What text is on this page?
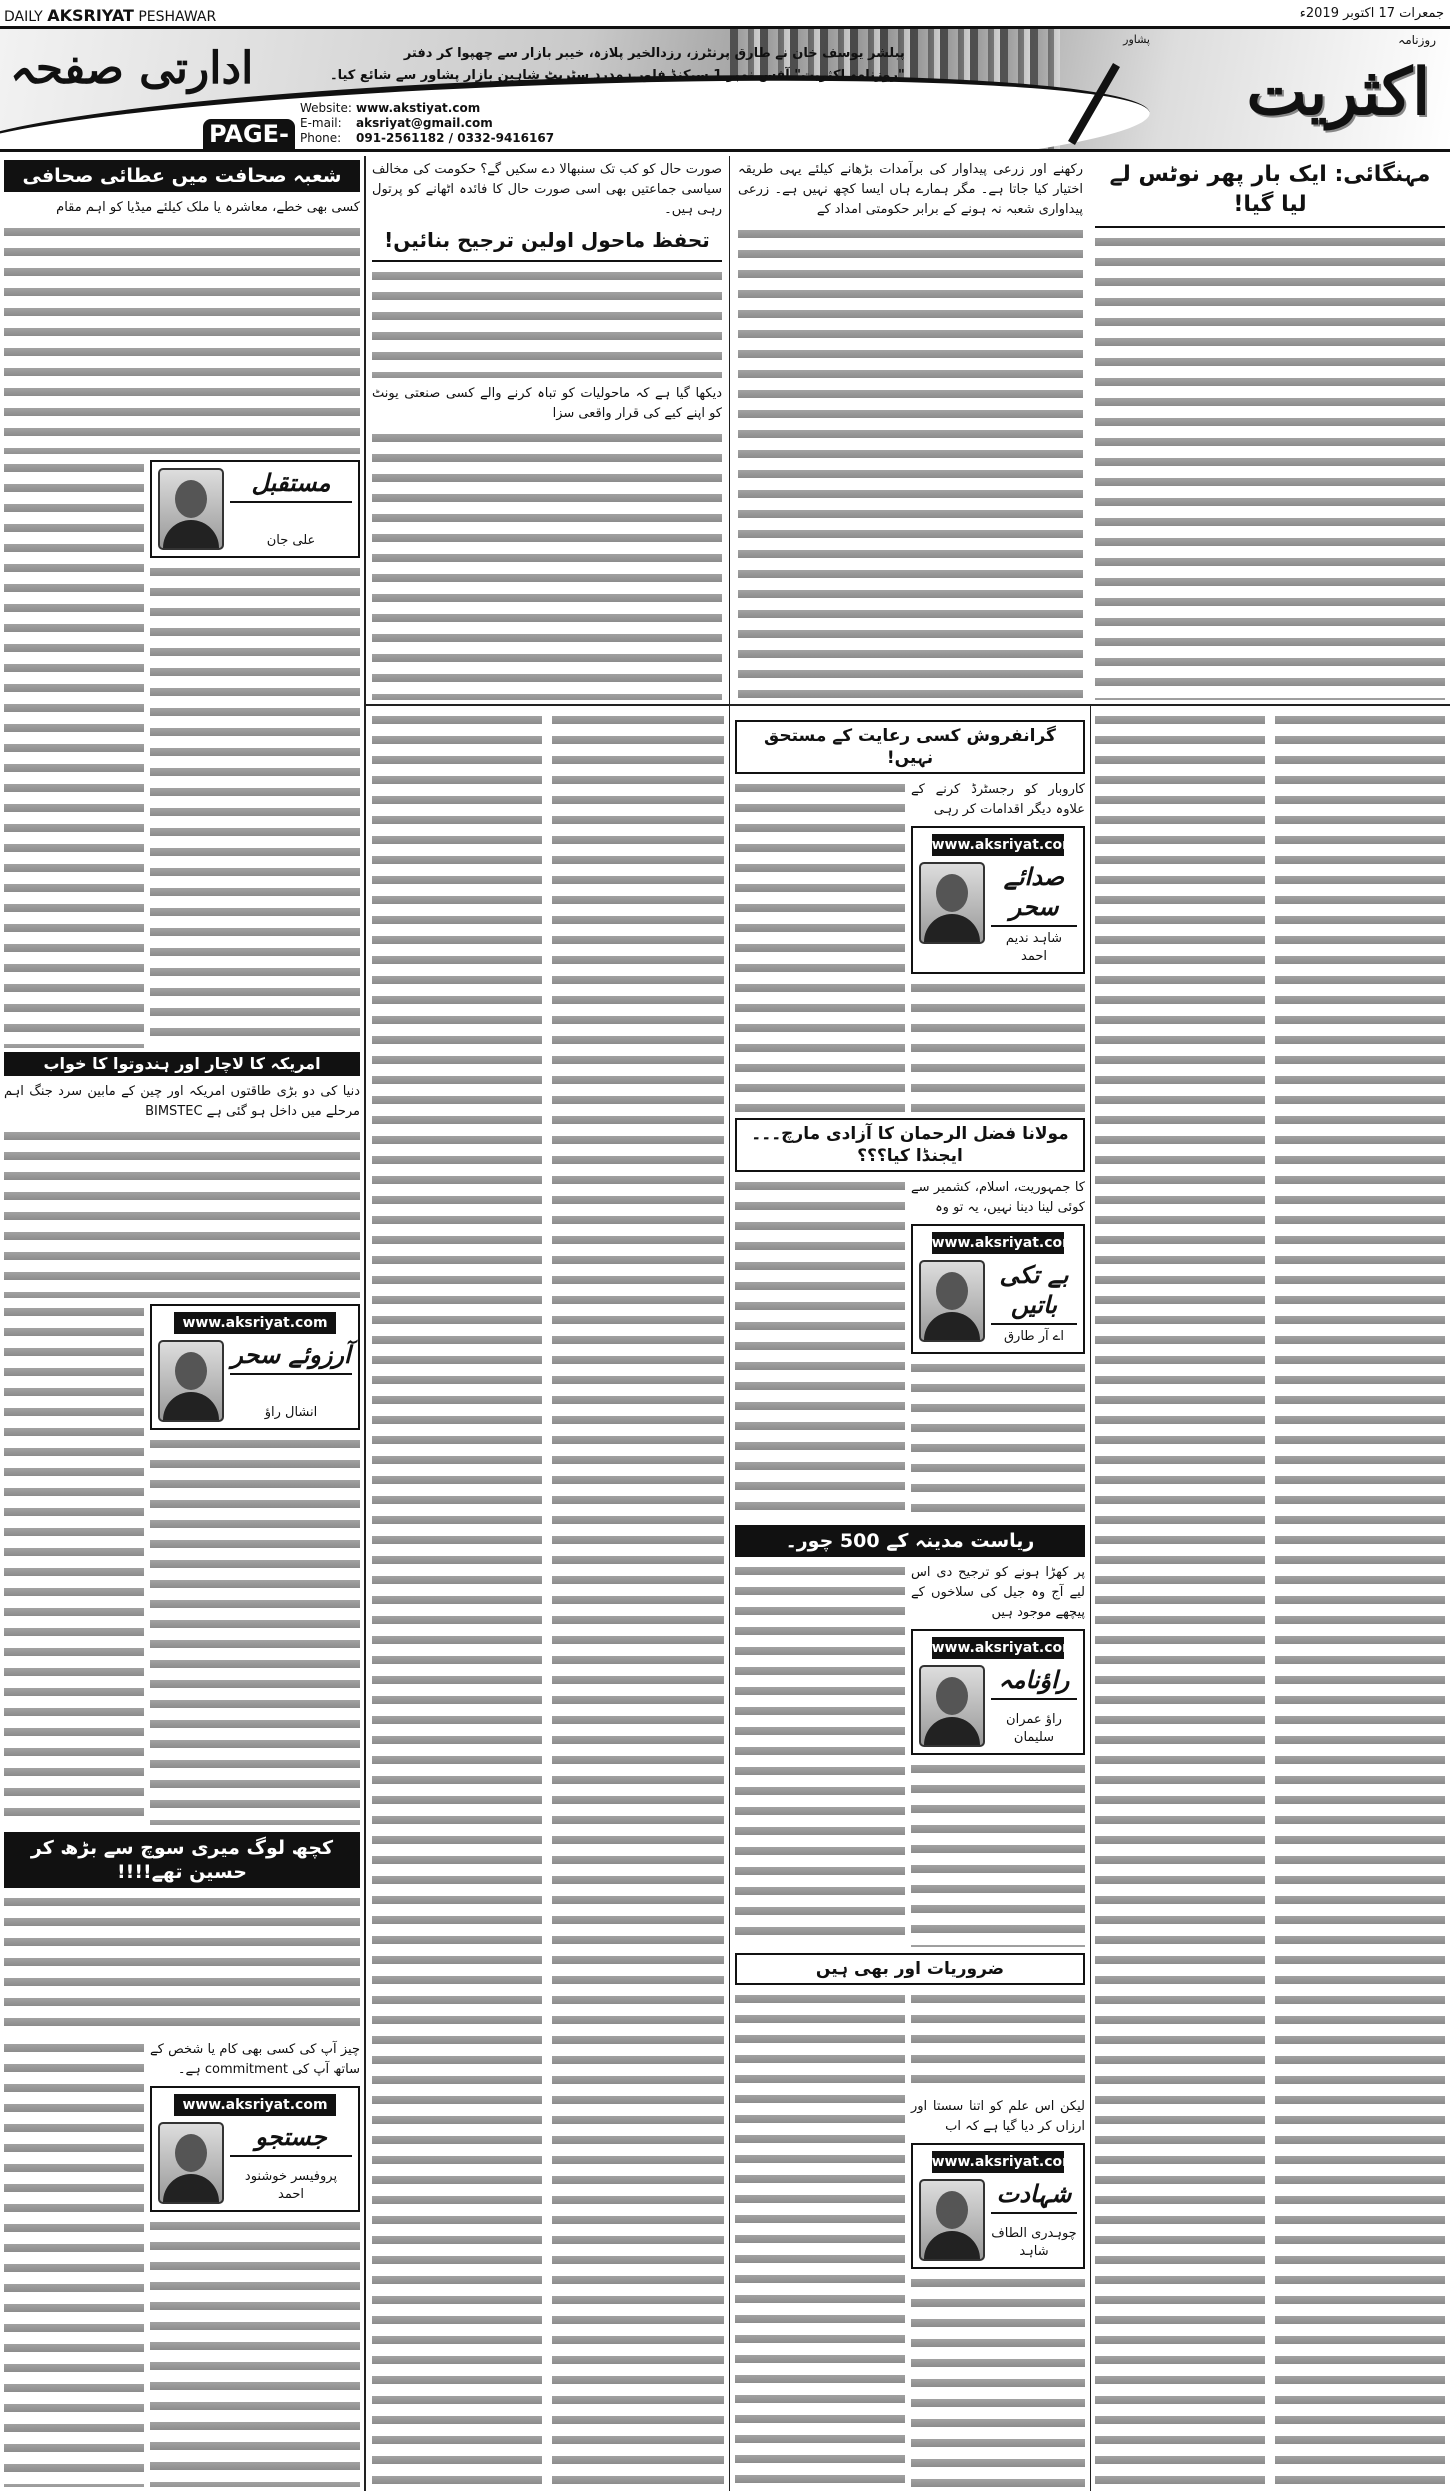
DAILY AKSRIYAT PESHAWAR	جمعرات 17 اکتوبر 2019ء
روزنامہ
پشاور
اکثریت
ادارتی صفحہ	پبلشر یوسف خان نے طارق پرنٹرز، رزدالخیر پلازہ، خیبر بازار سے چھپوا کر دفتر
"روزنامہ اکثریت" آفس نمبر 1 سیکنڈ فلور ہمدرد سٹریٹ شاہین بازار پشاور سے شائع کیا۔
PAGE-
Website: www.akstiyat.com
E-mail: aksriyat@gmail.com
Phone: 091-2561182 / 0332-9416167
مہنگائی: ایک بار پھر نوٹس لے لیا گیا!
رکھنے اور زرعی پیداوار کی برآمدات بڑھانے کیلئے یہی طریقہ اختیار کیا جاتا ہے۔ مگر ہمارے ہاں ایسا کچھ نہیں ہے۔ زرعی پیداواری شعبہ نہ ہونے کے برابر حکومتی امداد کے
صورت حال کو کب تک سنبھالا دے سکیں گے؟ حکومت کی مخالف سیاسی جماعتیں بھی اسی صورت حال کا فائدہ اٹھانے کو پرتول رہی ہیں۔
تحفظ ماحول اولین ترجیح بنائیں!
دیکھا گیا ہے کہ ماحولیات کو تباہ کرنے والے کسی صنعتی یونٹ کو اپنے کیے کی قرار واقعی سزا
گرانفروش کسی رعایت کے مستحق نہیں!
کاروبار کو رجسٹرڈ کرنے کے علاوہ دیگر اقدامات کر رہی
www.aksriyat.com
صدائے سحر
شاہد ندیم احمد
مولانا فضل الرحمان کا آزادی مارچ۔۔۔ایجنڈا کیا؟؟؟
کا جمہوریت، اسلام، کشمیر سے کوئی لینا دینا نہیں، یہ تو وہ
www.aksriyat.com
بے تکی باتیں
اے آر طارق
ریاست مدینہ کے 500 چور۔
پر کھڑا ہونے کو ترجیح دی اس لیے آج وہ جیل کی سلاخوں کے پیچھے موجود ہیں
www.aksriyat.com
راؤنامہ
راؤ عمران سلیمان
ضروریات اور بھی ہیں
لیکن اس علم کو اتنا سستا اور ارزاں کر دیا گیا ہے کہ اب
www.aksriyat.com
شہادت
چوہدری الطاف شاہد
شعبہ صحافت میں عطائی صحافی
کسی بھی خطے، معاشرہ یا ملک کیلئے میڈیا کو اہم مقام
مستقبل
علی جان
امریکہ کا لاچار اور ہندوتوا کا خواب
دنیا کی دو بڑی طاقتوں امریکہ اور چین کے مابین سرد جنگ اہم مرحلے میں داخل ہو گئی ہے BIMSTEC
www.aksriyat.com
آرزوئے سحر
انشال راؤ
کچھ لوگ میری سوچ سے بڑھ کر حسین تھے!!!!
چیز آپ کی کسی بھی کام یا شخص کے ساتھ آپ کی commitment ہے۔
www.aksriyat.com
جستجو
پروفیسر خوشنود احمد
